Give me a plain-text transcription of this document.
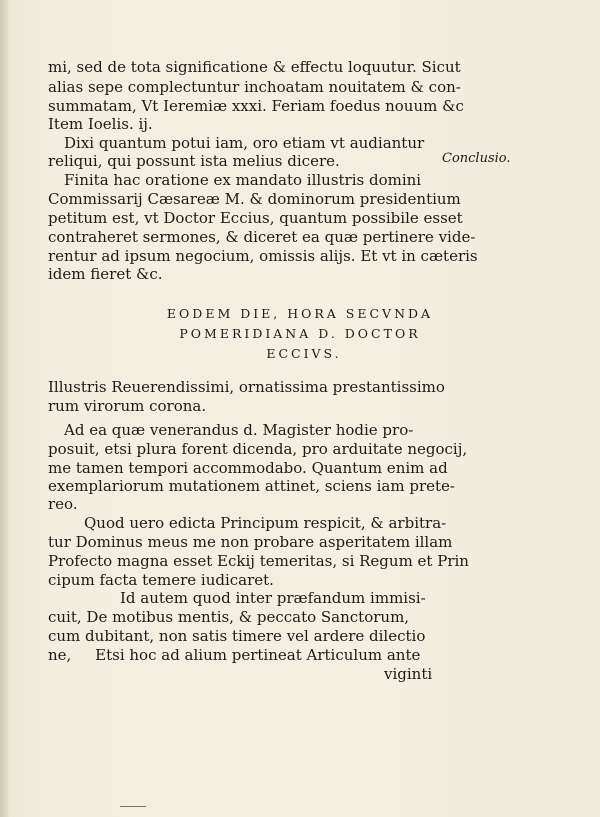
mi, sed de tota significatione & effectu loquutur. Sicut
alias sepe complectuntur inchoatam nouitatem & con-
summatam, Vt Ieremiæ xxxi. Feriam foedus nouum &c
Item Ioelis. ij.
Dixi quantum potui iam, oro etiam vt audiantur
reliqui, qui possunt ista melius dicere.	Conclusio.
Finita hac oratione ex mandato illustris domini
Commissarij Cæsareæ M. & dominorum presidentium
petitum est, vt Doctor Eccius, quantum possibile esset
contraheret sermones, & diceret ea quæ pertinere vide-
rentur ad ipsum negocium, omissis alijs. Et vt in cæteris
idem fieret &c.
EODEM DIE, HORA SECVNDA
POMERIDIANA D. DOCTOR
ECCIVS.
Illustris Reuerendissimi, ornatissima prestantissimo
rum virorum corona.
Ad ea quæ venerandus d. Magister hodie pro-
posuit, etsi plura forent dicenda, pro arduitate negocij,
me tamen tempori accommodabo. Quantum enim ad
exemplariorum mutationem attinet, sciens iam prete-
reo.
Quod uero edicta Principum respicit, & arbitra-
tur Dominus meus me non probare asperitatem illam
Profecto magna esset Eckij temeritas, si Regum et Prin
cipum facta temere iudicaret.
Id autem quod inter præfandum immisi-
cuit, De motibus mentis, & peccato Sanctorum,
cum dubitant, non satis timere vel ardere dilectio
ne,     Etsi hoc ad alium pertineat Articulum ante
viginti
